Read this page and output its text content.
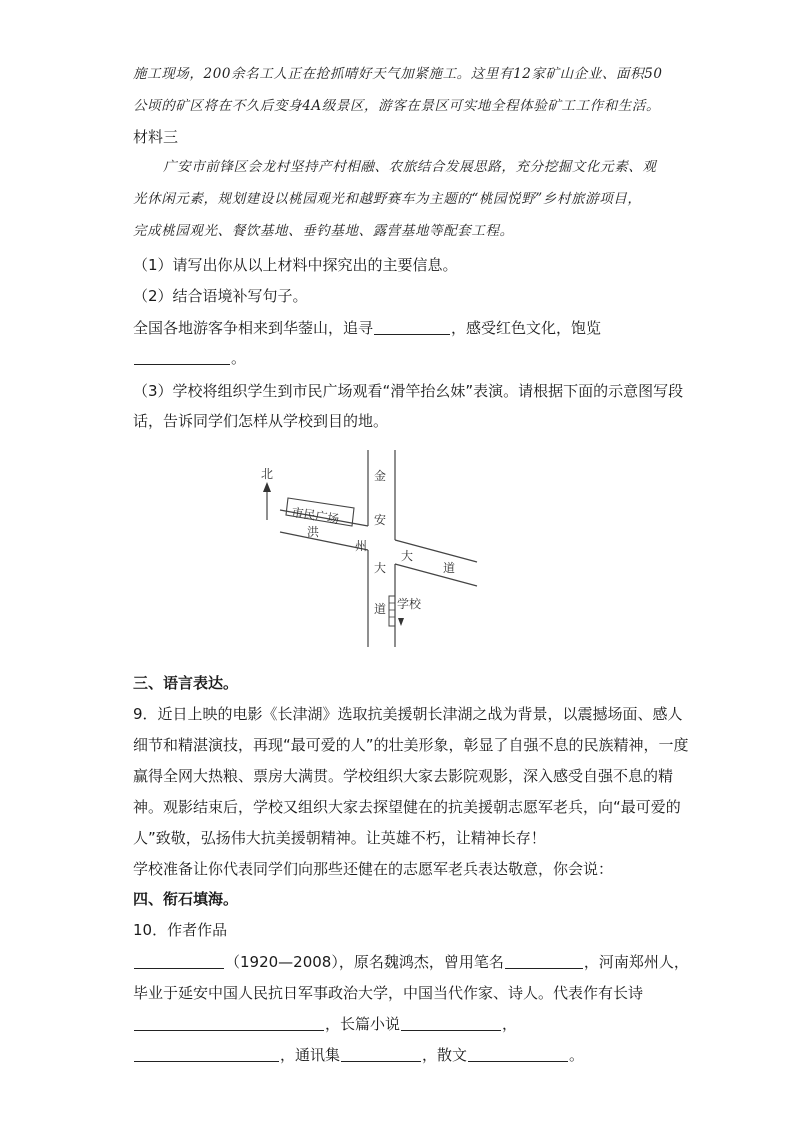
施工现场，200余名工人正在抢抓晴好天气加紧施工。这里有12家矿山企业、面积50
公顷的矿区将在不久后变身4A级景区，游客在景区可实地全程体验矿工工作和生活。
材料三
广安市前锋区会龙村坚持产村相融、农旅结合发展思路，充分挖掘文化元素、观
光休闲元素，规划建设以桃园观光和越野赛车为主题的“桃园悦野”乡村旅游项目，
完成桃园观光、餐饮基地、垂钓基地、露营基地等配套工程。
（1）请写出你从以上材料中探究出的主要信息。
（2）结合语境补写句子。
全国各地游客争相来到华蓥山，追寻	，感受红色文化，饱览
。
（3）学校将组织学生到市民广场观看“滑竿抬幺妹”表演。请根据下面的示意图写段
话，告诉同学们怎样从学校到目的地。
市民广场
北
洪
州
大
道
金
安
大
道 学校
三、语言表达。
9．近日上映的电影《长津湖》选取抗美援朝长津湖之战为背景，以震撼场面、感人
细节和精湛演技，再现“最可爱的人”的壮美形象，彰显了自强不息的民族精神，一度
赢得全网大热粮、票房大满贯。学校组织大家去影院观影，深入感受自强不息的精
神。观影结束后，学校又组织大家去探望健在的抗美援朝志愿军老兵，向“最可爱的
人”致敬，弘扬伟大抗美援朝精神。让英雄不朽，让精神长存！
学校准备让你代表同学们向那些还健在的志愿军老兵表达敬意，你会说：
四、衔石填海。
10．作者作品
（1920—2008），原名魏鸿杰，曾用笔名	，河南郑州人，
毕业于延安中国人民抗日军事政治大学，中国当代作家、诗人。代表作有长诗
，长篇小说	，
，通讯集	，散文	。
